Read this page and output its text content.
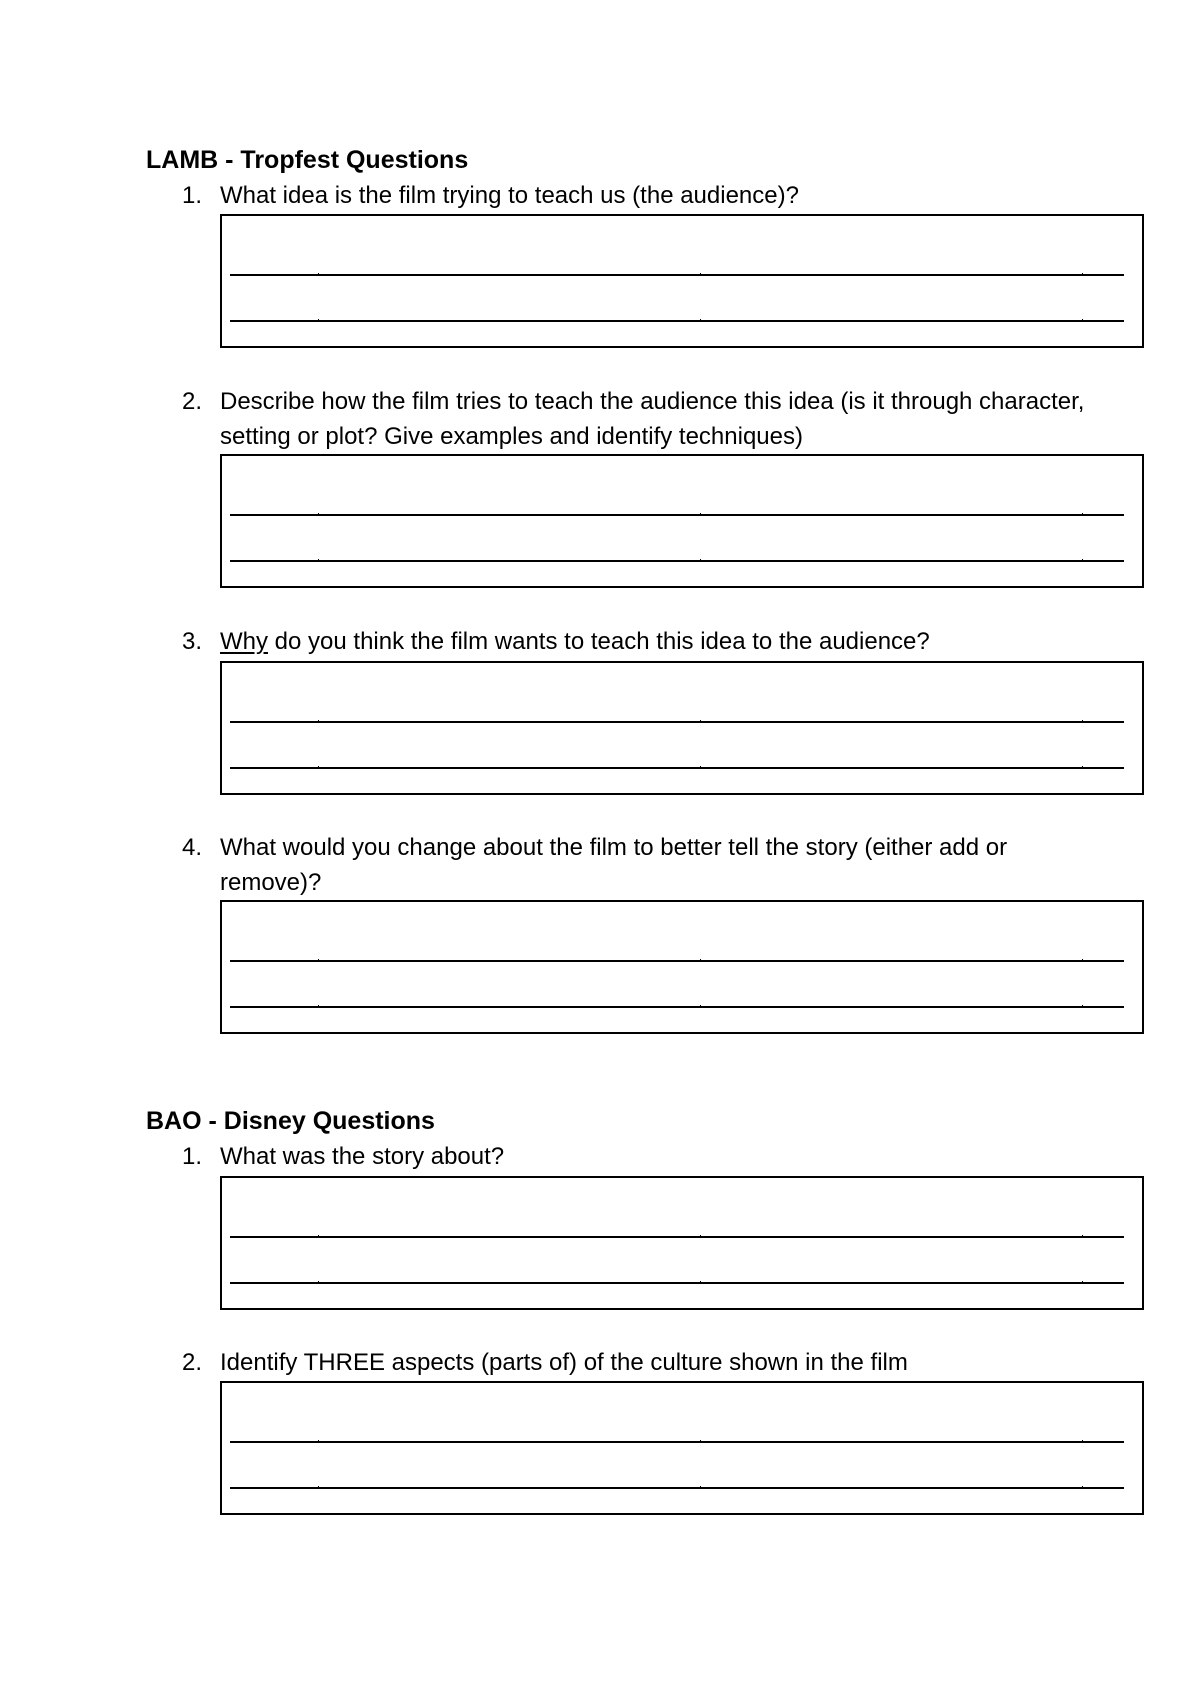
LAMB - Tropfest Questions
1. What idea is the film trying to teach us (the audience)?
2. Describe how the film tries to teach the audience this idea (is it through character, setting or plot? Give examples and identify techniques)
3. Why do you think the film wants to teach this idea to the audience?
4. What would you change about the film to better tell the story (either add or remove)?
BAO - Disney Questions
1. What was the story about?
2. Identify THREE aspects (parts of) of the culture shown in the film
